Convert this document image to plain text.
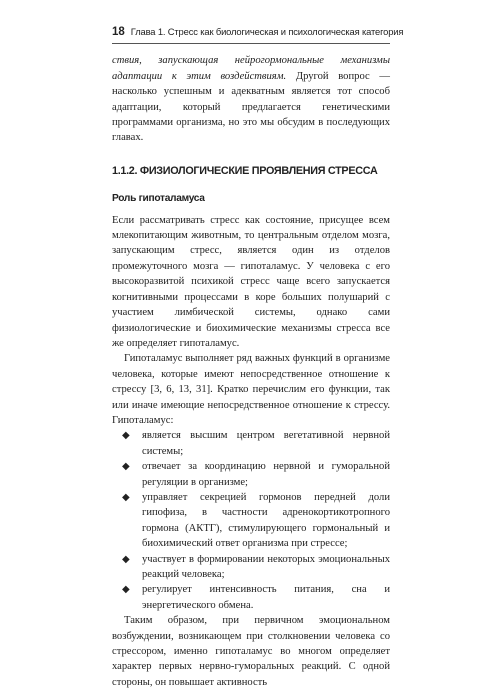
18 Глава 1. Стресс как биологическая и психологическая категория

ствия, запускающая нейрогормональные механизмы адаптации к этим воздействиям. Другой вопрос — насколько успешным и адекватным является тот способ адаптации, который предлагается генетическими программами организма, но это мы обсудим в последующих главах.

1.1.2. ФИЗИОЛОГИЧЕСКИЕ ПРОЯВЛЕНИЯ СТРЕССА
Роль гипоталамуса

Если рассматривать стресс как состояние, присущее всем млекопитающим животным, то центральным отделом мозга, запускающим стресс, является один из отделов промежуточного мозга — гипоталамус. У человека с его высокоразвитой психикой стресс чаще всего запускается когнитивными процессами в коре больших полушарий с участием лимбической системы, однако сами физиологические и биохимические механизмы стресса все же определяет гипоталамус.

Гипоталамус выполняет ряд важных функций в организме человека, которые имеют непосредственное отношение к стрессу [3, 6, 13, 31]. Кратко перечислим его функции, так или иначе имеющие непосредственное отношение к стрессу. Гипоталамус:

◆ является высшим центром вегетативной нервной системы;
◆ отвечает за координацию нервной и гуморальной регуляции в организме;
◆ управляет секрецией гормонов передней доли гипофиза, в частности адренокортикотропного гормона (АКТГ), стимулирующего гормональный и биохимический ответ организма при стрессе;
◆ участвует в формировании некоторых эмоциональных реакций человека;
◆ регулирует интенсивность питания, сна и энергетического обмена.

Таким образом, при первичном эмоциональном возбуждении, возникающем при столкновении человека со стрессором, именно гипоталамус во многом определяет характер первых нервно-гуморальных реакций. С одной стороны, он повышает активность
